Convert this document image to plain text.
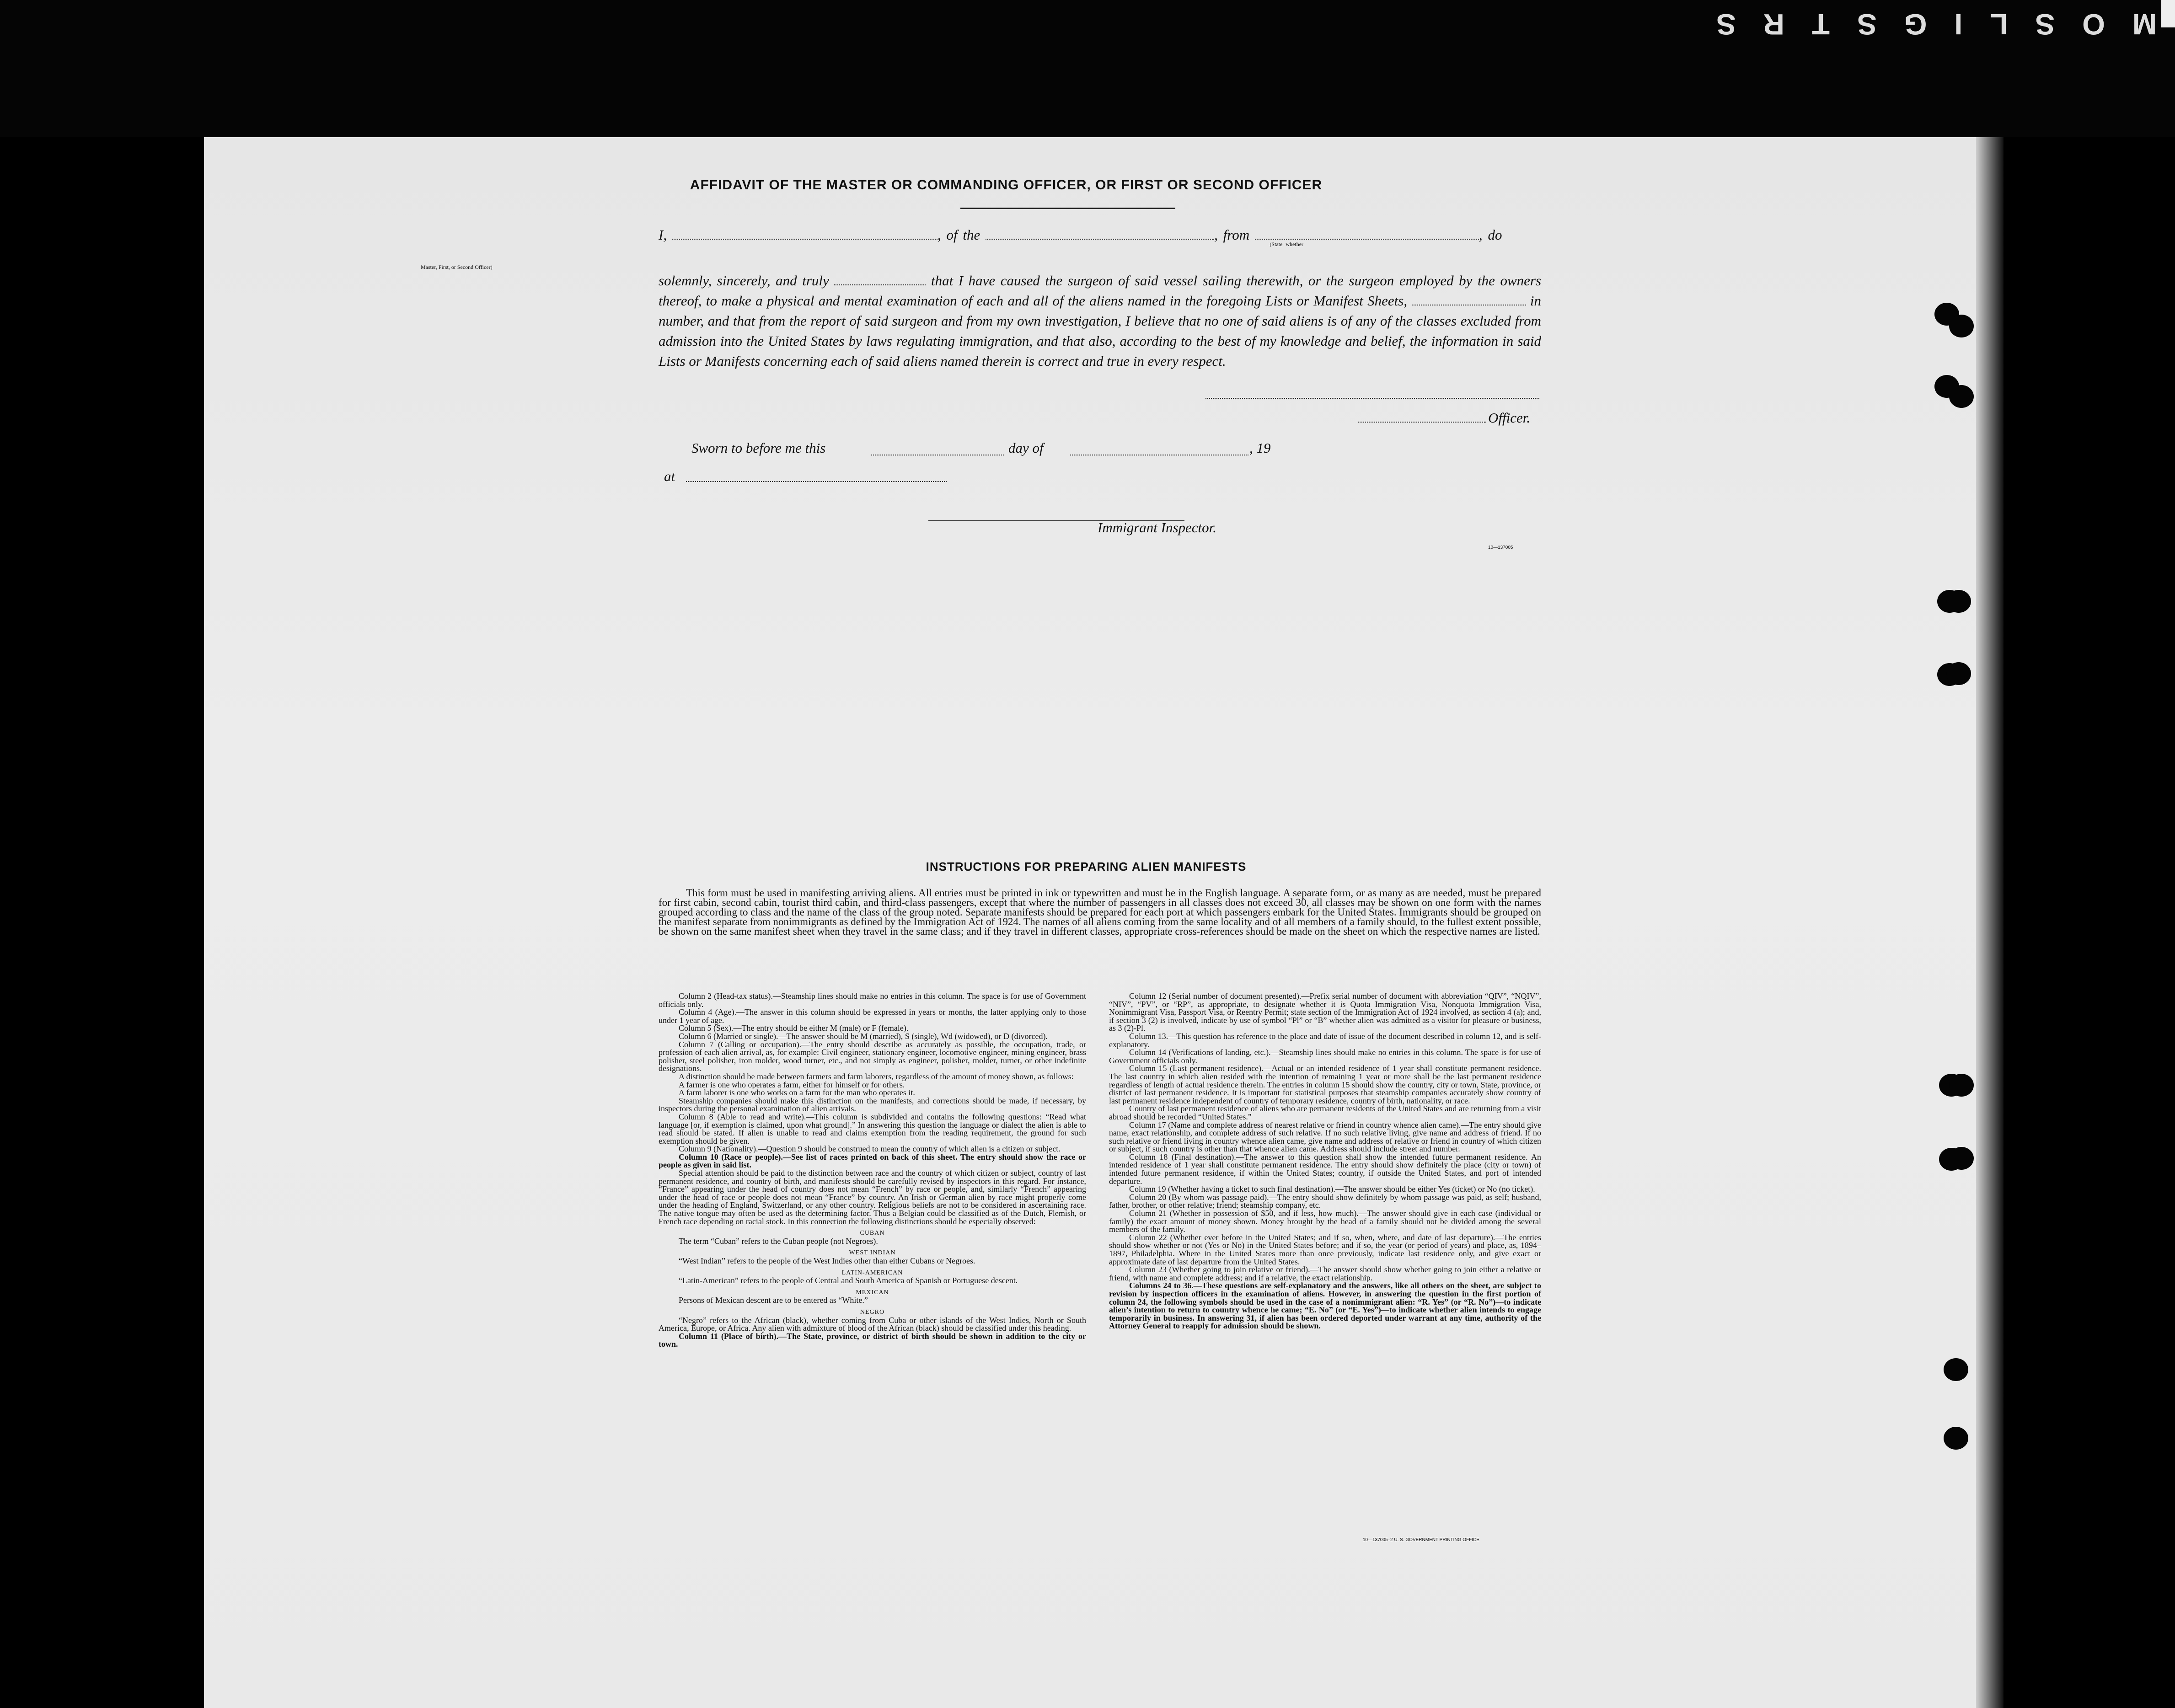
MOSLIGSTRS
AFFIDAVIT OF THE MASTER OR COMMANDING OFFICER, OR FIRST OR SECOND OFFICER
I,	, of the	, from	, do $_{(State whether Master, First, or Second Officer)}$
solemnly, sincerely, and truly	that I have caused the surgeon of said vessel sailing therewith, or the surgeon employed by the owners thereof, to make a physical and mental examination of each and all of the aliens named in the foregoing Lists or Manifest Sheets,	in number, and that from the report of said surgeon and from my own investigation, I believe that no one of said aliens is of any of the classes excluded from admission into the United States by laws regulating immigration, and that also, according to the best of my knowledge and belief, the information in said Lists or Manifests concerning each of said aliens named therein is correct and true in every respect.
Officer.
Sworn to before me this	day of	, 19
at
Immigrant Inspector.
10—137005
INSTRUCTIONS FOR PREPARING ALIEN MANIFESTS
This form must be used in manifesting arriving aliens. All entries must be printed in ink or typewritten and must be in the English language. A separate form, or as many as are needed, must be prepared for first cabin, second cabin, tourist third cabin, and third-class passengers, except that where the number of passengers in all classes does not exceed 30, all classes may be shown on one form with the names grouped according to class and the name of the class of the group noted. Separate manifests should be prepared for each port at which passengers embark for the United States. Immigrants should be grouped on the manifest separate from nonimmigrants as defined by the Immigration Act of 1924. The names of all aliens coming from the same locality and of all members of a family should, to the fullest extent possible, be shown on the same manifest sheet when they travel in the same class; and if they travel in different classes, appropriate cross-references should be made on the sheet on which the respective names are listed.

Column 2 (Head-tax status).—Steamship lines should make no entries in this column. The space is for use of Government officials only.

Column 4 (Age).—The answer in this column should be expressed in years or months, the latter applying only to those under 1 year of age.

Column 5 (Sex).—The entry should be either M (male) or F (female).

Column 6 (Married or single).—The answer should be M (married), S (single), Wd (widowed), or D (divorced).

Column 7 (Calling or occupation).—The entry should describe as accurately as possible, the occupation, trade, or profession of each alien arrival, as, for example: Civil engineer, stationary engineer, locomotive engineer, mining engineer, brass polisher, steel polisher, iron molder, wood turner, etc., and not simply as engineer, polisher, molder, turner, or other indefinite designations.

A distinction should be made between farmers and farm laborers, regardless of the amount of money shown, as follows:

A farmer is one who operates a farm, either for himself or for others.

A farm laborer is one who works on a farm for the man who operates it.

Steamship companies should make this distinction on the manifests, and corrections should be made, if necessary, by inspectors during the personal examination of alien arrivals.

Column 8 (Able to read and write).—This column is subdivided and contains the following questions: “Read what language [or, if exemption is claimed, upon what ground].” In answering this question the language or dialect the alien is able to read should be stated. If alien is unable to read and claims exemption from the reading requirement, the ground for such exemption should be given.

Column 9 (Nationality).—Question 9 should be construed to mean the country of which alien is a citizen or subject.

Column 10 (Race or people).—See list of races printed on back of this sheet. The entry should show the race or people as given in said list.

Special attention should be paid to the distinction between race and the country of which citizen or subject, country of last permanent residence, and country of birth, and manifests should be carefully revised by inspectors in this regard. For instance, “France” appearing under the head of country does not mean “French” by race or people, and, similarly “French” appearing under the head of race or people does not mean “France” by country. An Irish or German alien by race might properly come under the heading of England, Switzerland, or any other country. Religious beliefs are not to be considered in ascertaining race. The native tongue may often be used as the determining factor. Thus a Belgian could be classified as of the Dutch, Flemish, or French race depending on racial stock. In this connection the following distinctions should be especially observed:

CUBAN

The term “Cuban” refers to the Cuban people (not Negroes).

WEST INDIAN

“West Indian” refers to the people of the West Indies other than either Cubans or Negroes.

LATIN-AMERICAN

“Latin-American” refers to the people of Central and South America of Spanish or Portuguese descent.

MEXICAN

Persons of Mexican descent are to be entered as “White.”

NEGRO

“Negro” refers to the African (black), whether coming from Cuba or other islands of the West Indies, North or South America, Europe, or Africa. Any alien with admixture of blood of the African (black) should be classified under this heading.

Column 11 (Place of birth).—The State, province, or district of birth should be shown in addition to the city or town.

Column 12 (Serial number of document presented).—Prefix serial number of document with abbreviation “QIV”, “NQIV”, “NIV”, “PV”, or “RP”, as appropriate, to designate whether it is Quota Immigration Visa, Nonquota Immigration Visa, Nonimmigrant Visa, Passport Visa, or Reentry Permit; state section of the Immigration Act of 1924 involved, as section 4 (a); and, if section 3 (2) is involved, indicate by use of symbol “Pl” or “B” whether alien was admitted as a visitor for pleasure or business, as 3 (2)-Pl.

Column 13.—This question has reference to the place and date of issue of the document described in column 12, and is self-explanatory.

Column 14 (Verifications of landing, etc.).—Steamship lines should make no entries in this column. The space is for use of Government officials only.

Column 15 (Last permanent residence).—Actual or an intended residence of 1 year shall constitute permanent residence. The last country in which alien resided with the intention of remaining 1 year or more shall be the last permanent residence regardless of length of actual residence therein. The entries in column 15 should show the country, city or town, State, province, or district of last permanent residence. It is important for statistical purposes that steamship companies accurately show country of last permanent residence independent of country of temporary residence, country of birth, nationality, or race.

Country of last permanent residence of aliens who are permanent residents of the United States and are returning from a visit abroad should be recorded “United States.”

Column 17 (Name and complete address of nearest relative or friend in country whence alien came).—The entry should give name, exact relationship, and complete address of such relative. If no such relative living, give name and address of friend. If no such relative or friend living in country whence alien came, give name and address of relative or friend in country of which citizen or subject, if such country is other than that whence alien came. Address should include street and number.

Column 18 (Final destination).—The answer to this question shall show the intended future permanent residence. An intended residence of 1 year shall constitute permanent residence. The entry should show definitely the place (city or town) of intended future permanent residence, if within the United States; country, if outside the United States, and port of intended departure.

Column 19 (Whether having a ticket to such final destination).—The answer should be either Yes (ticket) or No (no ticket).

Column 20 (By whom was passage paid).—The entry should show definitely by whom passage was paid, as self; husband, father, brother, or other relative; friend; steamship company, etc.

Column 21 (Whether in possession of $50, and if less, how much).—The answer should give in each case (individual or family) the exact amount of money shown. Money brought by the head of a family should not be divided among the several members of the family.

Column 22 (Whether ever before in the United States; and if so, when, where, and date of last departure).—The entries should show whether or not (Yes or No) in the United States before; and if so, the year (or period of years) and place, as, 1894–1897, Philadelphia. Where in the United States more than once previously, indicate last residence only, and give exact or approximate date of last departure from the United States.

Column 23 (Whether going to join relative or friend).—The answer should show whether going to join either a relative or friend, with name and complete address; and if a relative, the exact relationship.

Columns 24 to 36.—These questions are self-explanatory and the answers, like all others on the sheet, are subject to revision by inspection officers in the examination of aliens. However, in answering the question in the first portion of column 24, the following symbols should be used in the case of a nonimmigrant alien: “R. Yes” (or “R. No”)—to indicate alien’s intention to return to country whence he came; “E. No” (or “E. Yes”)—to indicate whether alien intends to engage temporarily in business. In answering 31, if alien has been ordered deported under warrant at any time, authority of the Attorney General to reapply for admission should be shown.

10—137005–2 U. S. GOVERNMENT PRINTING OFFICE
